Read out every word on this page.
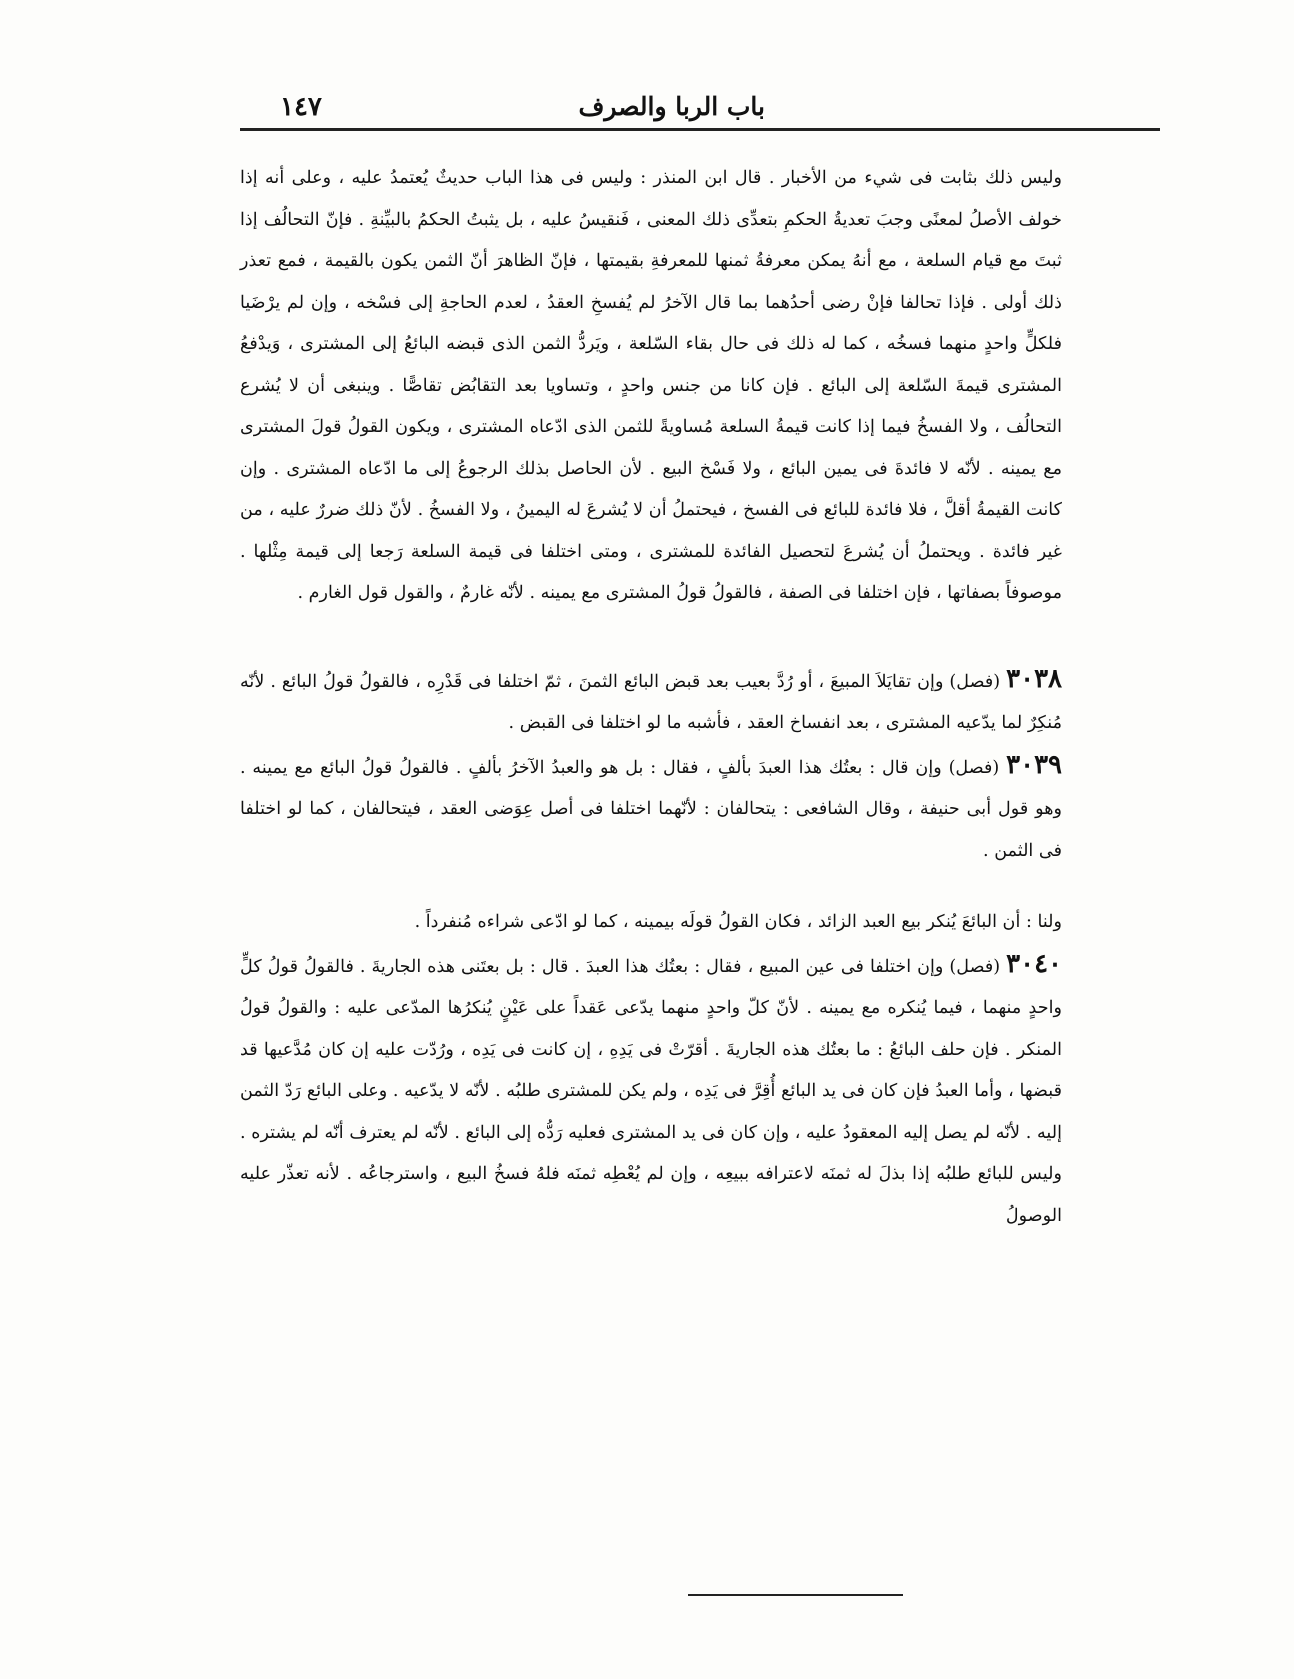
باب الربا والصرف
١٤٧

وليس ذلك بثابت فى شيء من الأخبار . قال ابن المنذر : وليس فى هذا الباب حديثٌ يُعتمدُ عليه ، وعلى أنه إذا خولف الأصلُ لمعنًى وجبَ تعديةُ الحكمِ بتعدِّى ذلك المعنى ، فَنقيسُ عليه ، بل يثبتُ الحكمُ بالبيِّنةِ . فإنّ التحالُف إذا ثبتَ مع قيام السلعة ، مع أنهُ يمكن معرفةُ ثمنها للمعرفةِ بقيمتها ، فإنّ الظاهرَ أنّ الثمن يكون بالقيمة ، فمع تعذر ذلك أولى . فإذا تحالفا فإنْ رضى أحدُهما بما قال الآخرُ لم يُفسخِ العقدُ ، لعدم الحاجةِ إلى فسْخه ، وإن لم يرْضَيا فلكلٍّ واحدٍ منهما فسخُه ، كما له ذلك فى حال بقاء السّلعة ، ويَردُّ الثمن الذى قبضه البائعُ إلى المشترى ، وَيدْفعُ المشترى قيمةَ السّلعة إلى البائع . فإن كانا من جنس واحدٍ ، وتساويا بعد التقابُض تقاصًّا . وينبغى أن لا يُشرع التحالُف ، ولا الفسخُ فيما إذا كانت قيمةُ السلعة مُساويةً للثمن الذى ادّعاه المشترى ، ويكون القولُ قولَ المشترى مع يمينه . لأنّه لا فائدةَ فى يمين البائع ، ولا فَسْخ البيع . لأن الحاصل بذلك الرجوعُ إلى ما ادّعاه المشترى . وإن كانت القيمةُ أقلَّ ، فلا فائدة للبائع فى الفسخ ، فيحتملُ أن لا يُشرعَ له اليمينُ ، ولا الفسخُ . لأنّ ذلك ضررٌ عليه ، من غير فائدة . ويحتملُ أن يُشرعَ لتحصيل الفائدة للمشترى ، ومتى اختلفا فى قيمة السلعة رَجعا إلى قيمة مِثْلها . موصوفاً بصفاتها ، فإن اختلفا فى الصفة ، فالقولُ قولُ المشترى مع يمينه . لأنّه غارمٌ ، والقول قول الغارم .

٣٠٣٨ (فصل) وإن تقايَلاَ المبيعَ ، أو رُدَّ بعيب بعد قبض البائع الثمنَ ، ثمّ اختلفا فى قَدْرِه ، فالقولُ قولُ البائع . لأنّه مُنكِرٌ لما يدّعيه المشترى ، بعد انفساخ العقد ، فأشبه ما لو اختلفا فى القبض .

٣٠٣٩ (فصل) وإن قال : بعتُك هذا العبدَ بألفٍ ، فقال : بل هو والعبدُ الآخرُ بألفٍ . فالقولُ قولُ البائع مع يمينه . وهو قول أبى حنيفة ، وقال الشافعى : يتحالفان : لأنّهما اختلفا فى أصل عِوَضى العقد ، فيتحالفان ، كما لو اختلفا فى الثمن .

ولنا : أن البائعَ يُنكر بيع العبد الزائد ، فكان القولُ قولَه بيمينه ، كما لو ادّعى شراءه مُنفرداً .

٣٠٤٠ (فصل) وإن اختلفا فى عين المبيع ، فقال : بعتُك هذا العبدَ . قال : بل بعتَنى هذه الجاريةَ . فالقولُ قولُ كلٍّ واحدٍ منهما ، فيما يُنكره مع يمينه . لأنّ كلّ واحدٍ منهما يدّعى عَقداً على عَيْنٍ يُنكرُها المدّعى عليه : والقولُ قولُ المنكر . فإن حلف البائعُ : ما بعتُك هذه الجاريةَ . أقرّتْ فى يَدِهِ ، إن كانت فى يَدِه ، ورُدّت عليه إن كان مُدَّعيها قد قبضها ، وأما العبدُ فإن كان فى يد البائع أُقِرَّ فى يَدِه ، ولم يكن للمشترى طلبُه . لأنّه لا يدّعيه . وعلى البائع رَدّ الثمن إليه . لأنّه لم يصل إليه المعقودُ عليه ، وإن كان فى يد المشترى فعليه رَدُّه إلى البائع . لأنّه لم يعترف أنّه لم يشتره . وليس للبائع طلبُه إذا بذلَ له ثمنَه لاعترافه ببيعِه ، وإن لم يُعْطِه ثمنَه فلهُ فسخُ البيع ، واسترجاعُه . لأنه تعذّر عليه الوصولُ
